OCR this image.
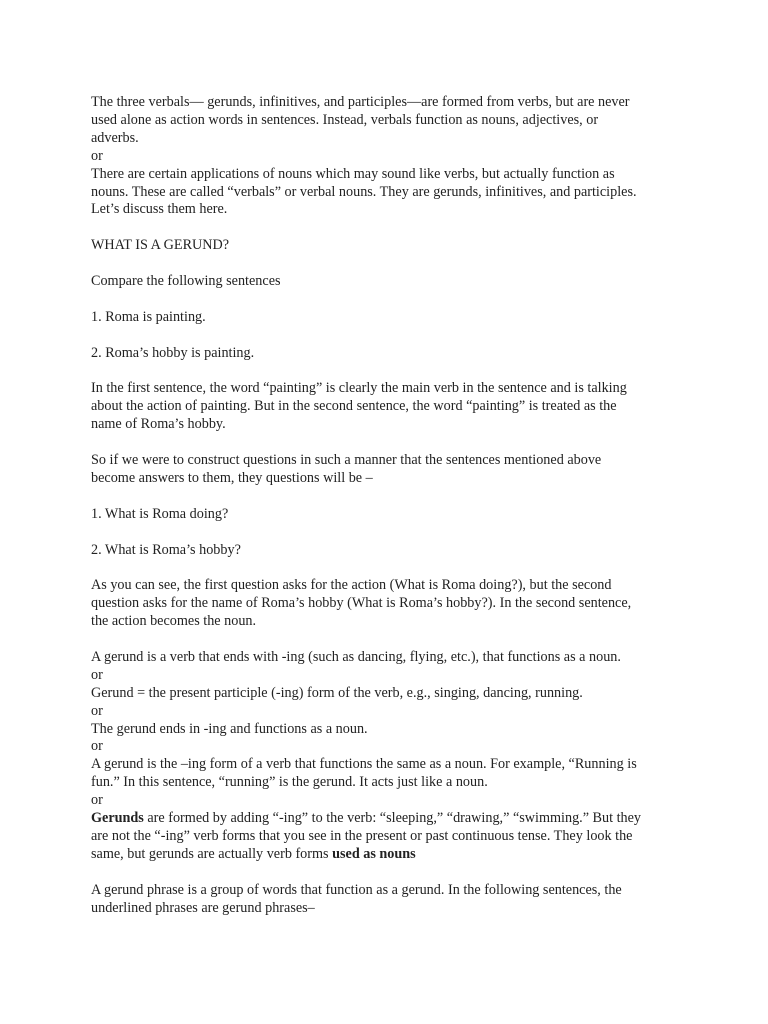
The three verbals— gerunds, infinitives, and participles—are formed from verbs, but are never
used alone as action words in sentences. Instead, verbals function as nouns, adjectives, or
adverbs.
or
There are certain applications of nouns which may sound like verbs, but actually function as
nouns. These are called “verbals” or verbal nouns. They are gerunds, infinitives, and participles.
Let’s discuss them here.
WHAT IS A GERUND?
Compare the following sentences
1. Roma is painting.
2. Roma’s hobby is painting.
In the first sentence, the word “painting” is clearly the main verb in the sentence and is talking
about the action of painting. But in the second sentence, the word “painting” is treated as the
name of Roma’s hobby.
So if we were to construct questions in such a manner that the sentences mentioned above
become answers to them, they questions will be –
1. What is Roma doing?
2. What is Roma’s hobby?
As you can see, the first question asks for the action (What is Roma doing?), but the second
question asks for the name of Roma’s hobby (What is Roma’s hobby?). In the second sentence,
the action becomes the noun.
A gerund is a verb that ends with -ing (such as dancing, flying, etc.), that functions as a noun.
or
Gerund = the present participle (-ing) form of the verb, e.g., singing, dancing, running.
or
The gerund ends in -ing and functions as a noun.
or
A gerund is the –ing form of a verb that functions the same as a noun. For example, “Running is
fun.” In this sentence, “running” is the gerund. It acts just like a noun.
or
Gerunds are formed by adding “-ing” to the verb: “sleeping,” “drawing,” “swimming.” But they
are not the “-ing” verb forms that you see in the present or past continuous tense. They look the
same, but gerunds are actually verb forms used as nouns
A gerund phrase is a group of words that function as a gerund. In the following sentences, the
underlined phrases are gerund phrases–
